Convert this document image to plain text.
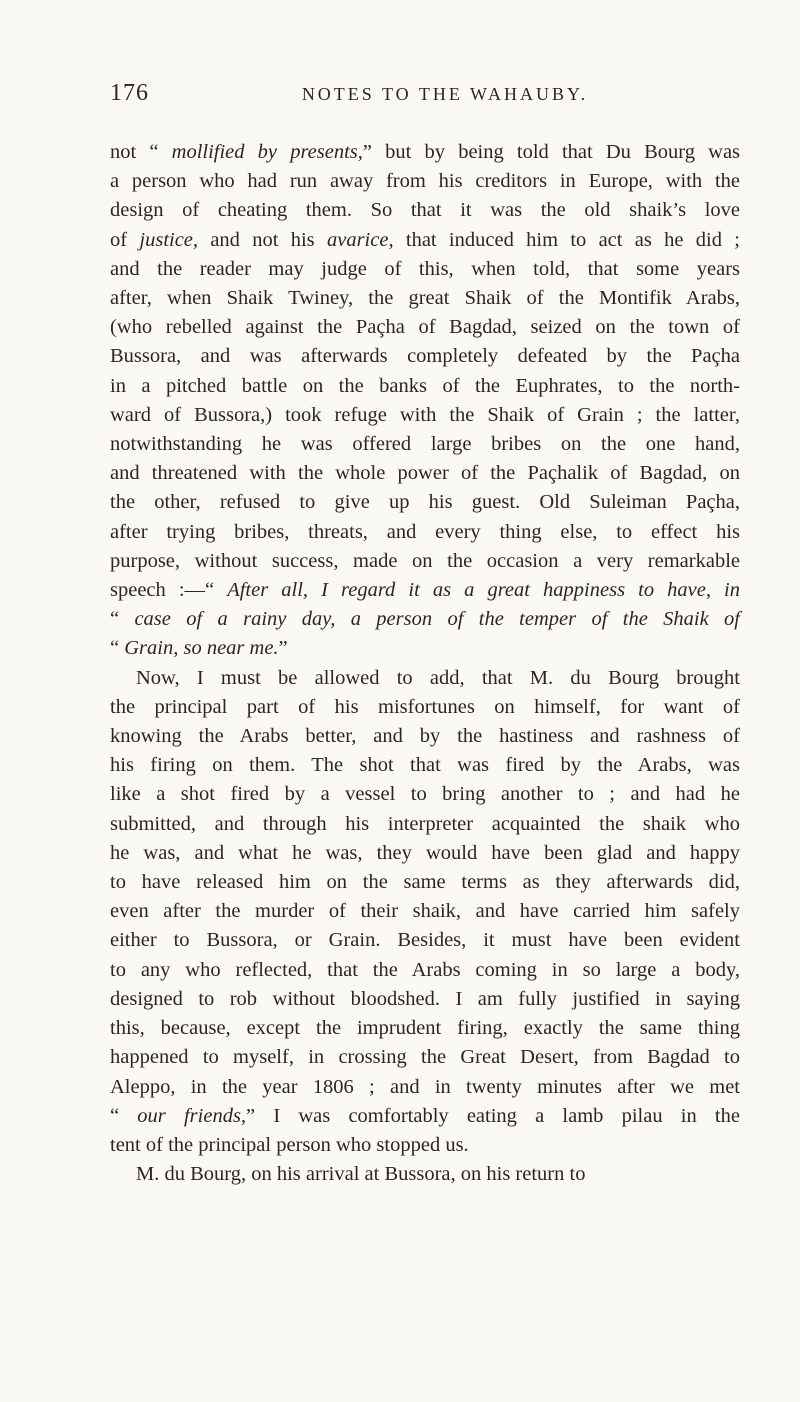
176	NOTES TO THE WAHAUBY.
not “ mollified by presents,” but by being told that Du Bourg was
a person who had run away from his creditors in Europe, with the
design of cheating them. So that it was the old shaik’s love
of justice, and not his avarice, that induced him to act as he did ;
and the reader may judge of this, when told, that some years
after, when Shaik Twiney, the great Shaik of the Montifik Arabs,
(who rebelled against the Paçha of Bagdad, seized on the town of
Bussora, and was afterwards completely defeated by the Paçha
in a pitched battle on the banks of the Euphrates, to the north-
ward of Bussora,) took refuge with the Shaik of Grain ; the latter,
notwithstanding he was offered large bribes on the one hand,
and threatened with the whole power of the Paçhalik of Bagdad, on
the other, refused to give up his guest. Old Suleiman Paçha,
after trying bribes, threats, and every thing else, to effect his
purpose, without success, made on the occasion a very remarkable
speech :—“ After all, I regard it as a great happiness to have, in
“ case of a rainy day, a person of the temper of the Shaik of
“ Grain, so near me.”
Now, I must be allowed to add, that M. du Bourg brought
the principal part of his misfortunes on himself, for want of
knowing the Arabs better, and by the hastiness and rashness of
his firing on them. The shot that was fired by the Arabs, was
like a shot fired by a vessel to bring another to ; and had he
submitted, and through his interpreter acquainted the shaik who
he was, and what he was, they would have been glad and happy
to have released him on the same terms as they afterwards did,
even after the murder of their shaik, and have carried him safely
either to Bussora, or Grain. Besides, it must have been evident
to any who reflected, that the Arabs coming in so large a body,
designed to rob without bloodshed. I am fully justified in saying
this, because, except the imprudent firing, exactly the same thing
happened to myself, in crossing the Great Desert, from Bagdad to
Aleppo, in the year 1806 ; and in twenty minutes after we met
“ our friends,” I was comfortably eating a lamb pilau in the
tent of the principal person who stopped us.
M. du Bourg, on his arrival at Bussora, on his return to
